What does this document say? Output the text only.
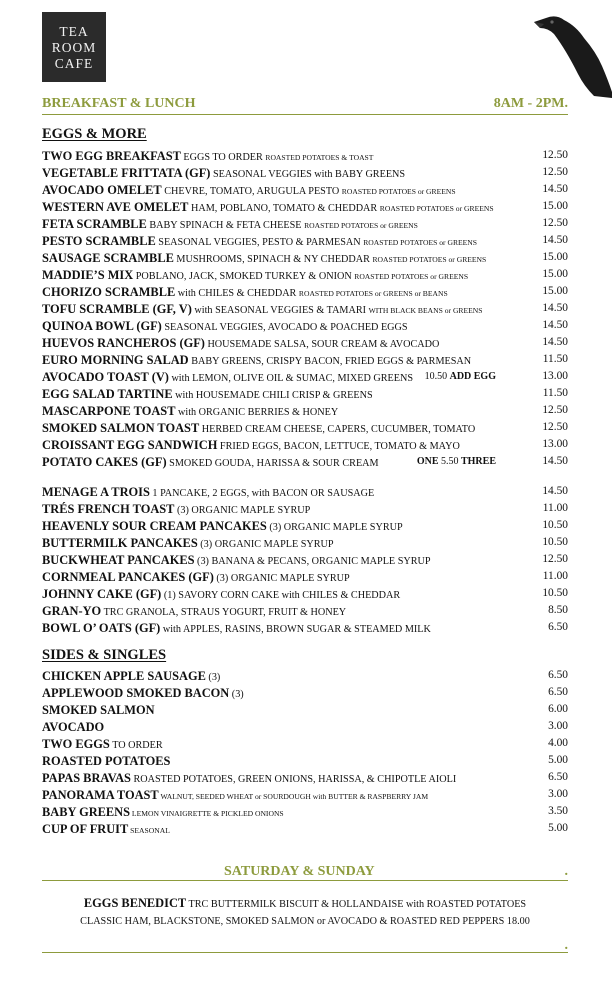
TEA
ROOM
CAFE
BREAKFAST & LUNCH	8AM - 2PM.
EGGS & MORE
TWO EGG BREAKFAST EGGS TO ORDER ROASTED POTATOES & TOAST	12.50
VEGETABLE FRITTATA (GF) SEASONAL VEGGIES with BABY GREENS	12.50
AVOCADO OMELET CHEVRE, TOMATO, ARUGULA PESTO ROASTED POTATOES or GREENS	14.50
WESTERN AVE OMELET HAM, POBLANO, TOMATO & CHEDDAR ROASTED POTATOES or GREENS	15.00
FETA SCRAMBLE BABY SPINACH & FETA CHEESE ROASTED POTATOES or GREENS	12.50
PESTO SCRAMBLE SEASONAL VEGGIES, PESTO & PARMESAN ROASTED POTATOES or GREENS	14.50
SAUSAGE SCRAMBLE MUSHROOMS, SPINACH & NY CHEDDAR ROASTED POTATOES or GREENS	15.00
MADDIE’S MIX POBLANO, JACK, SMOKED TURKEY & ONION ROASTED POTATOES or GREENS	15.00
CHORIZO SCRAMBLE with CHILES & CHEDDAR ROASTED POTATOES or GREENS or BEANS	15.00
TOFU SCRAMBLE (GF, V) with SEASONAL VEGGIES & TAMARI WITH BLACK BEANS or GREENS	14.50
QUINOA BOWL (GF) SEASONAL VEGGIES, AVOCADO & POACHED EGGS	14.50
HUEVOS RANCHEROS (GF) HOUSEMADE SALSA, SOUR CREAM & AVOCADO	14.50
EURO MORNING SALAD BABY GREENS, CRISPY BACON, FRIED EGGS & PARMESAN	11.50
AVOCADO TOAST (V) with LEMON, OLIVE OIL & SUMAC, MIXED GREENS 10.50 ADD EGG	13.00
EGG SALAD TARTINE with HOUSEMADE CHILI CRISP & GREENS	11.50
MASCARPONE TOAST with ORGANIC BERRIES & HONEY	12.50
SMOKED SALMON TOAST HERBED CREAM CHEESE, CAPERS, CUCUMBER, TOMATO	12.50
CROISSANT EGG SANDWICH FRIED EGGS, BACON, LETTUCE, TOMATO & MAYO	13.00
POTATO CAKES (GF) SMOKED GOUDA, HARISSA & SOUR CREAM	ONE 5.50 THREE	14.50
MENAGE A TROIS 1 PANCAKE, 2 EGGS, with BACON OR SAUSAGE	14.50
TRÉS FRENCH TOAST (3) ORGANIC MAPLE SYRUP	11.00
HEAVENLY SOUR CREAM PANCAKES (3) ORGANIC MAPLE SYRUP	10.50
BUTTERMILK PANCAKES (3) ORGANIC MAPLE SYRUP	10.50
BUCKWHEAT PANCAKES (3) BANANA & PECANS, ORGANIC MAPLE SYRUP	12.50
CORNMEAL PANCAKES (GF) (3) ORGANIC MAPLE SYRUP	11.00
JOHNNY CAKE (GF) (1) SAVORY CORN CAKE with CHILES & CHEDDAR	10.50
GRAN-YO TRC GRANOLA, STRAUS YOGURT, FRUIT & HONEY	8.50
BOWL O’ OATS (GF) with APPLES, RASINS, BROWN SUGAR & STEAMED MILK	6.50
SIDES & SINGLES
CHICKEN APPLE SAUSAGE (3)	6.50
APPLEWOOD SMOKED BACON (3)	6.50
SMOKED SALMON	6.00
AVOCADO	3.00
TWO EGGS TO ORDER	4.00
ROASTED POTATOES	5.00
PAPAS BRAVAS ROASTED POTATOES, GREEN ONIONS, HARISSA, & CHIPOTLE AIOLI	6.50
PANORAMA TOAST WALNUT, SEEDED WHEAT or SOURDOUGH with BUTTER & RASPBERRY JAM	3.00
BABY GREENS LEMON VINAIGRETTE & PICKLED ONIONS	3.50
CUP OF FRUIT SEASONAL	5.00
SATURDAY & SUNDAY	.
EGGS BENEDICT TRC BUTTERMILK BISCUIT & HOLLANDAISE with ROASTED POTATOES
CLASSIC HAM, BLACKSTONE, SMOKED SALMON or AVOCADO & ROASTED RED PEPPERS 18.00
.
